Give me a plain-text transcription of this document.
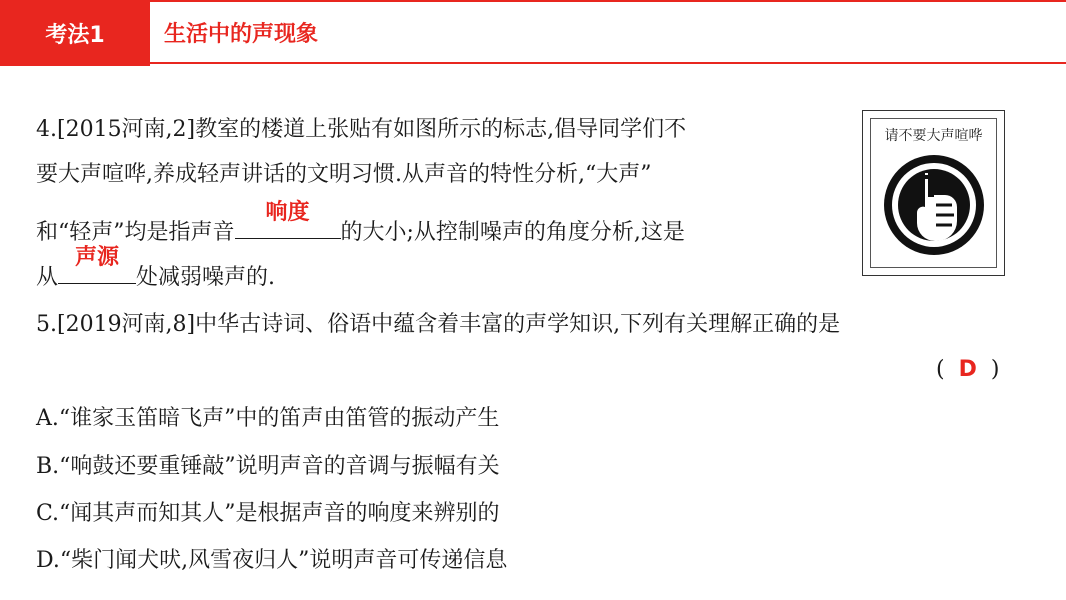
考法1	生活中的声现象
4.[2015河南,2]教室的楼道上张贴有如图所示的标志,倡导同学们不
要大声喧哗,养成轻声讲话的文明习惯.从声音的特性分析,“大声”
和“轻声”均是指声音
响度
的大小;从控制噪声的角度分析,这是
从
声源
处减弱噪声的.
请不要大声喧哗
5.[2019河南,8]中华古诗词、俗语中蕴含着丰富的声学知识,下列有关理解正确的是
( D )
A.“谁家玉笛暗飞声”中的笛声由笛管的振动产生
B.“响鼓还要重锤敲”说明声音的音调与振幅有关
C.“闻其声而知其人”是根据声音的响度来辨别的
D.“柴门闻犬吠,风雪夜归人”说明声音可传递信息
